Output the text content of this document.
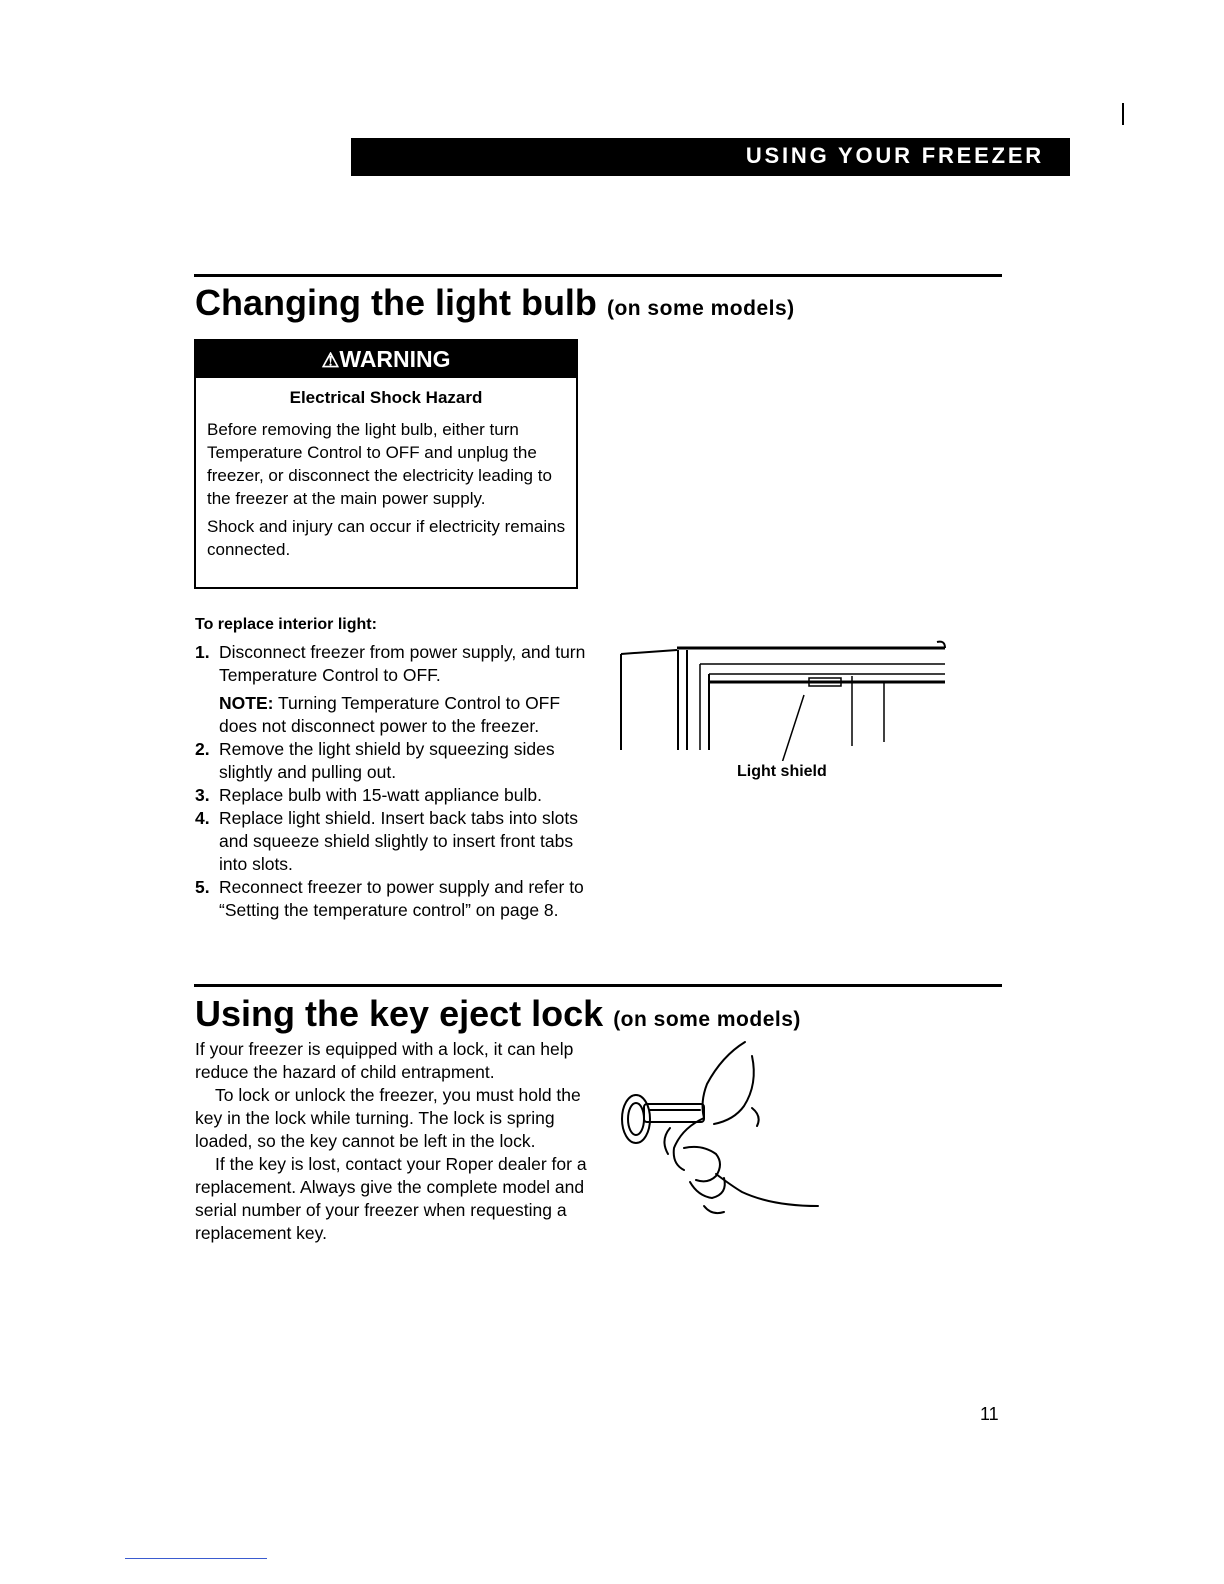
USING YOUR FREEZER
Changing the light bulb (on some models)
⚠WARNING
Electrical Shock Hazard

Before removing the light bulb, either turn Temperature Control to OFF and unplug the freezer, or disconnect the electricity leading to the freezer at the main power supply.

Shock and injury can occur if electricity remains connected.

To replace interior light:
1. Disconnect freezer from power supply, and turn Temperature Control to OFF.
NOTE: Turning Temperature Control to OFF does not disconnect power to the freezer.
2. Remove the light shield by squeezing sides slightly and pulling out.
3. Replace bulb with 15-watt appliance bulb.
4. Replace light shield. Insert back tabs into slots and squeeze shield slightly to insert front tabs into slots.
5. Reconnect freezer to power supply and refer to “Setting the temperature control” on page 8.
Light shield
Using the key eject lock (on some models)

If your freezer is equipped with a lock, it can help reduce the hazard of child entrapment.

To lock or unlock the freezer, you must hold the key in the lock while turning. The lock is spring loaded, so the key cannot be left in the lock.

If the key is lost, contact your Roper dealer for a replacement. Always give the complete model and serial number of your freezer when requesting a replacement key.

11
